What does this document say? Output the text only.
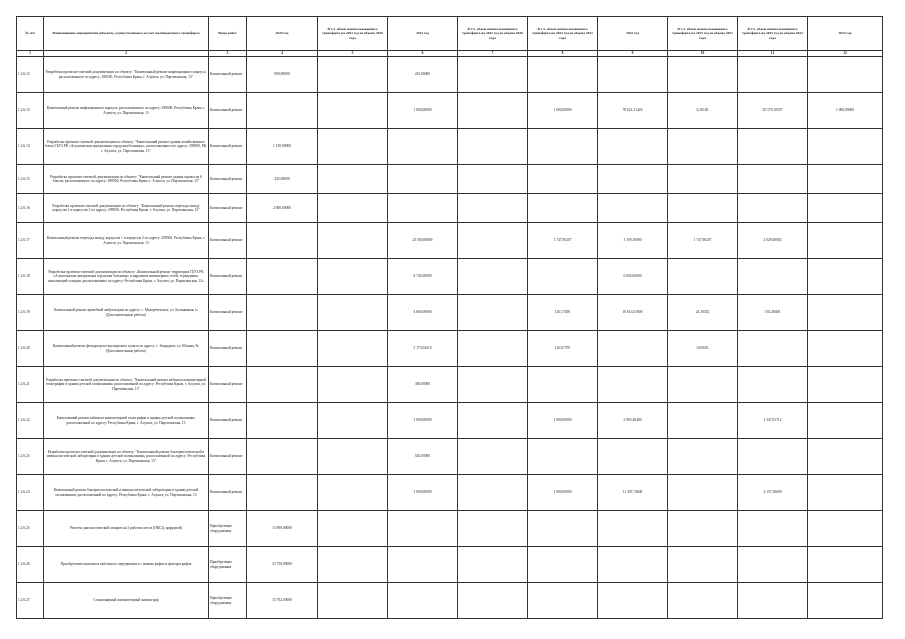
№ п/п	Наименование мероприятия (объекта), осуществляемого за счет межбюджетного трансферта	Виды работ	2020 год	В т.ч. объем неиспользованного трансферта на 2021 год из объема 2020 года	2021 год	В т.ч. объем неиспользованного трансферта на 2022 год из объема 2020 года	В т.ч. объем неиспользованного трансферта на 2022 год из объема 2021 года	2022 год	В т.ч. объем неиспользованного трансферта на 2023 год из объема 2021 года	В т.ч. объем неиспользованного трансферта на 2023 год из объема 2022 года	2023 год
1	2	3	4	5	6	7	8	9	10	11	12
1.2.6.12	Разработка проектно-сметной документации по объекту: "Капитальный ремонт инфекционного корпуса, расположенного по адресу: 298500, Республика Крым, г. Алушта, ул. Партизанская, 13"	Капитальный ремонт	900,00000		245,00000						
1.2.6.13	Капитальный ремонт инфекционного корпуса, расположенного по адресу: 298500, Республика Крым, г. Алушта, ул. Партизанская, 13	Капитальный ремонт			1 000,00000		1 000,00000	78 621,51426	0,10120	35 579,10507	1 000,00000
1.2.6.14	Разработка проектно-сметной документации по объекту: "Капитальный ремонт здания хозяйственного блока ГБУЗ РК «Алуштинская центральная городская больница», расположенного по адресу: 298500, РК, г. Алушта, ул. Партизанская, 13"	Капитальный ремонт	1 150,00000								
1.2.6.15	Разработка проектно-сметной документации по объекту: "Капитальный ремонт здания гаража на 6 боксов, расположенного по адресу: 298500, Республика Крым, г. Алушта, ул. Партизанская, 13"	Капитальный ремонт	435,00000								
1.2.6.16	Разработка проектно-сметной документации по объекту: "Капитальный ремонт перехода между корпусом 1 и корпусом 2 по адресу: 298500, Республика Крым, г. Алушта, ул. Партизанская, 13"	Капитальный ремонт	2 000,00000								
1.2.6.17	Капитальный ремонт перехода между корпусом 1 и корпусом 2 по адресу: 298500, Республика Крым, г. Алушта, ул. Партизанская, 13	Капитальный ремонт			25 000,00000		1 747,90207	3 159,10000	1 747,90207	2 029,60002	
1.2.6.18	Разработка проектно-сметной документации по объекту: «Капитальный ремонт территории ГБУЗ РК «Алуштинская центральная городская больница» и наружных инженерных сетей, ограждения, канализаций станции, расположенных по адресу: Республика Крым, г. Алушта, ул. Партизанская, 13»	Капитальный ремонт			8 745,00000			6 605,00000			
1.2.6.19	Капитальный ремонт врачебной амбулатории по адресу: с. Малореченское, ул. Больничная,1» (Дополнительные работы)	Капитальный ремонт			4 600,00000		120,17200	10 614,51600	24,10352	192,40400	
1.2.6.20	Капитальный ремонт фельдшерско-акушерского пункта по адресу: с. Запрудное, ул. Южная, 8» (Дополнительные работы)	Капитальный ремонт			5 173,04210		120,67370		0,65653		
1.2.6.21	Разработка проектно-сметной документации по объекту: "Капитальный ремонт кабинета компьютерной томографии в здании детской поликлиники, расположенной по адресу: Республика Крым, г. Алушта, ул. Партизанская, 13"	Капитальный ремонт			300,00000						
1.2.6.22	Капитальный ремонт кабинета компьютерной томографии в здании детской поликлиники, расположенной по адресу: Республика Крым, г. Алушта, ул. Партизанская, 13	Капитальный ремонт			1 000,00000		1 000,00000	5 903,40400		1 347,81712	
1.2.6.23	Разработка проектно-сметной документации по объекту: "Капитальный ремонт бактериологической и иммунологической лабораторни в здании детской поликлиники, расположенной по адресу: Республика Крым, г. Алушта, ул. Партизанская, 13"	Капитальный ремонт			520,00000						
1.2.6.24	Капитальный ремонт бактериологической и иммунологической лаборатории в здании детской поликлиники, расположенной по адресу: Республика Крым, г. Алушта, ул. Партизанская, 13	Капитальный ремонт			1 000,00000		1 000,00000	11 307,74600		4 157,30609	
1.2.6.25	Рентген диагностический аппарат на 3 рабочих места (ПКСД, цифровой)	Приобретение оборудования	13 900,00000								
1.2.6.26	Приобретение комплекса кабельного передвижного с маммографом и флюорографом	Приобретение оборудования	23 750,00000								
1.2.6.27	Стационарный компьютерный маммограф	Приобретение оборудования	13 702,50000								
